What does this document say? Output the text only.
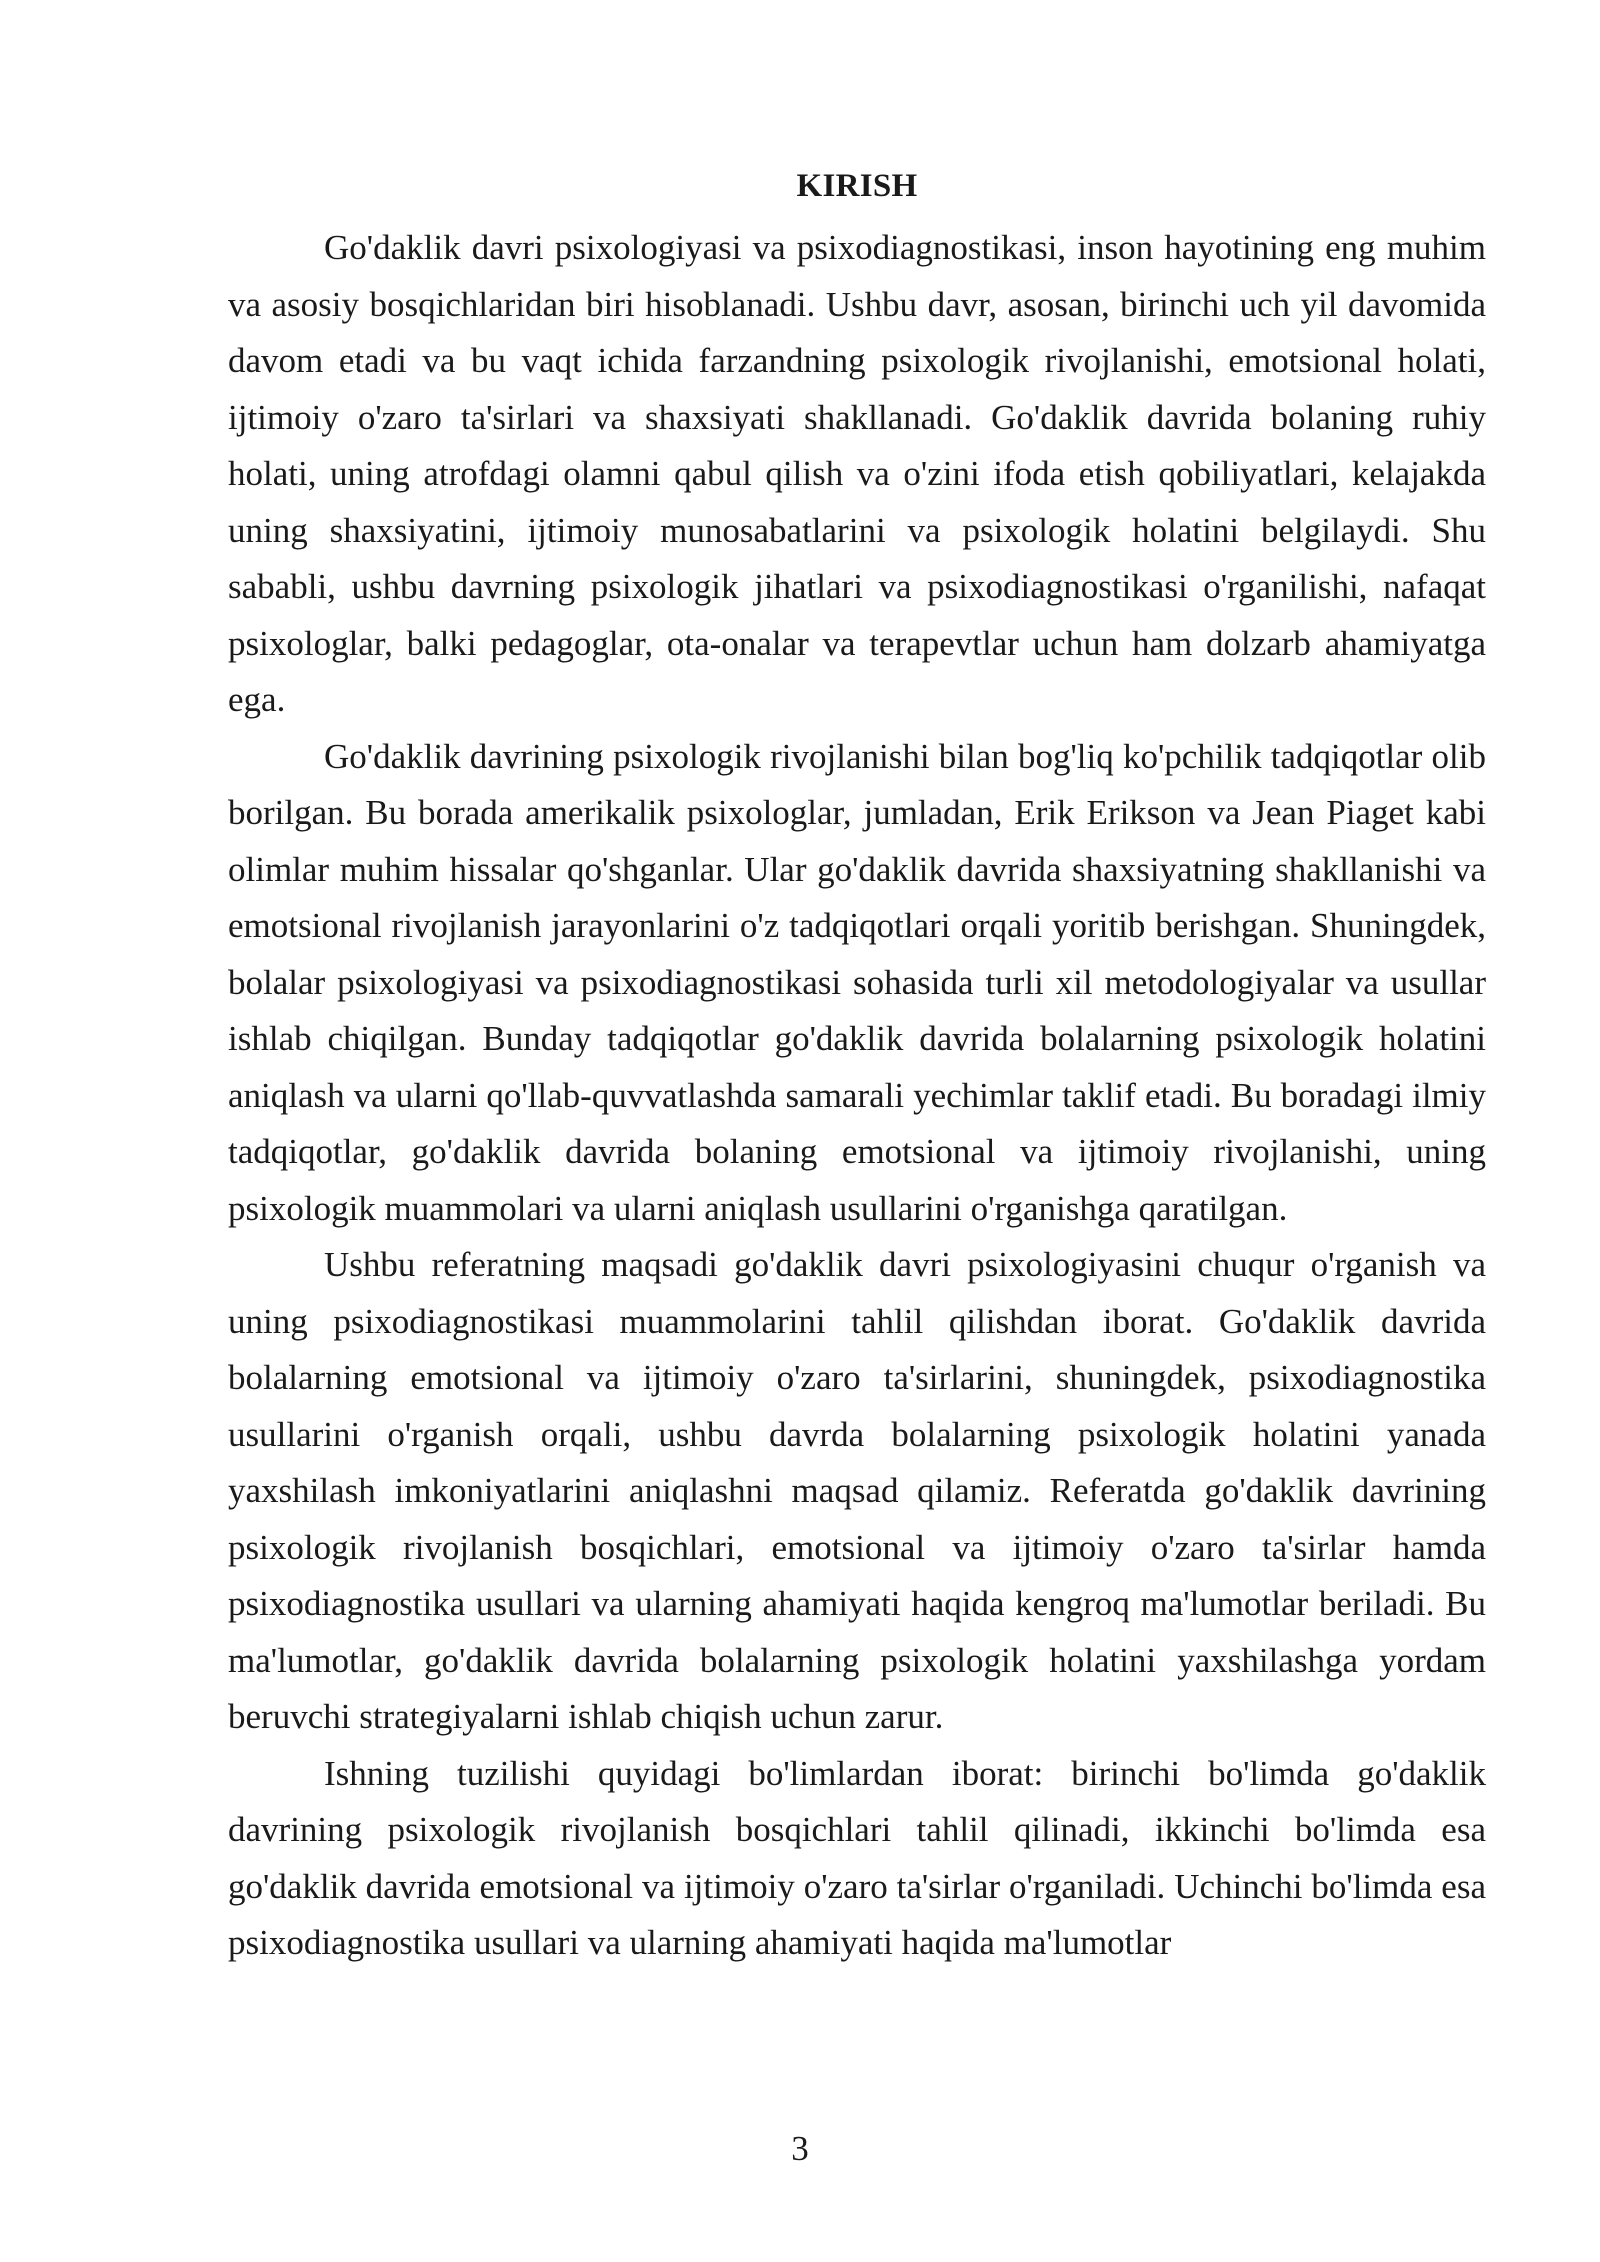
KIRISH

Go'daklik davri psixologiyasi va psixodiagnostikasi, inson hayotining eng muhim va asosiy bosqichlaridan biri hisoblanadi. Ushbu davr, asosan, birinchi uch yil davomida davom etadi va bu vaqt ichida farzandning psixologik rivojlanishi, emotsional holati, ijtimoiy o'zaro ta'sirlari va shaxsiyati shakllanadi. Go'daklik davrida bolaning ruhiy holati, uning atrofdagi olamni qabul qilish va o'zini ifoda etish qobiliyatlari, kelajakda uning shaxsiyatini, ijtimoiy munosabatlarini va psixologik holatini belgilaydi. Shu sababli, ushbu davrning psixologik jihatlari va psixodiagnostikasi o'rganilishi, nafaqat psixologlar, balki pedagoglar, ota-onalar va terapevtlar uchun ham dolzarb ahamiyatga ega.

Go'daklik davrining psixologik rivojlanishi bilan bog'liq ko'pchilik tadqiqotlar olib borilgan. Bu borada amerikalik psixologlar, jumladan, Erik Erikson va Jean Piaget kabi olimlar muhim hissalar qo'shganlar. Ular go'daklik davrida shaxsiyatning shakllanishi va emotsional rivojlanish jarayonlarini o'z tadqiqotlari orqali yoritib berishgan. Shuningdek, bolalar psixologiyasi va psixodiagnostikasi sohasida turli xil metodologiyalar va usullar ishlab chiqilgan. Bunday tadqiqotlar go'daklik davrida bolalarning psixologik holatini aniqlash va ularni qo'llab-quvvatlashda samarali yechimlar taklif etadi. Bu boradagi ilmiy tadqiqotlar, go'daklik davrida bolaning emotsional va ijtimoiy rivojlanishi, uning psixologik muammolari va ularni aniqlash usullarini o'rganishga qaratilgan.

Ushbu referatning maqsadi go'daklik davri psixologiyasini chuqur o'rganish va uning psixodiagnostikasi muammolarini tahlil qilishdan iborat. Go'daklik davrida bolalarning emotsional va ijtimoiy o'zaro ta'sirlarini, shuningdek, psixodiagnostika usullarini o'rganish orqali, ushbu davrda bolalarning psixologik holatini yanada yaxshilash imkoniyatlarini aniqlashni maqsad qilamiz. Referatda go'daklik davrining psixologik rivojlanish bosqichlari, emotsional va ijtimoiy o'zaro ta'sirlar hamda psixodiagnostika usullari va ularning ahamiyati haqida kengroq ma'lumotlar beriladi. Bu ma'lumotlar, go'daklik davrida bolalarning psixologik holatini yaxshilashga yordam beruvchi strategiyalarni ishlab chiqish uchun zarur.

Ishning tuzilishi quyidagi bo'limlardan iborat: birinchi bo'limda go'daklik davrining psixologik rivojlanish bosqichlari tahlil qilinadi, ikkinchi bo'limda esa go'daklik davrida emotsional va ijtimoiy o'zaro ta'sirlar o'rganiladi. Uchinchi bo'limda esa psixodiagnostika usullari va ularning ahamiyati haqida ma'lumotlar

3
